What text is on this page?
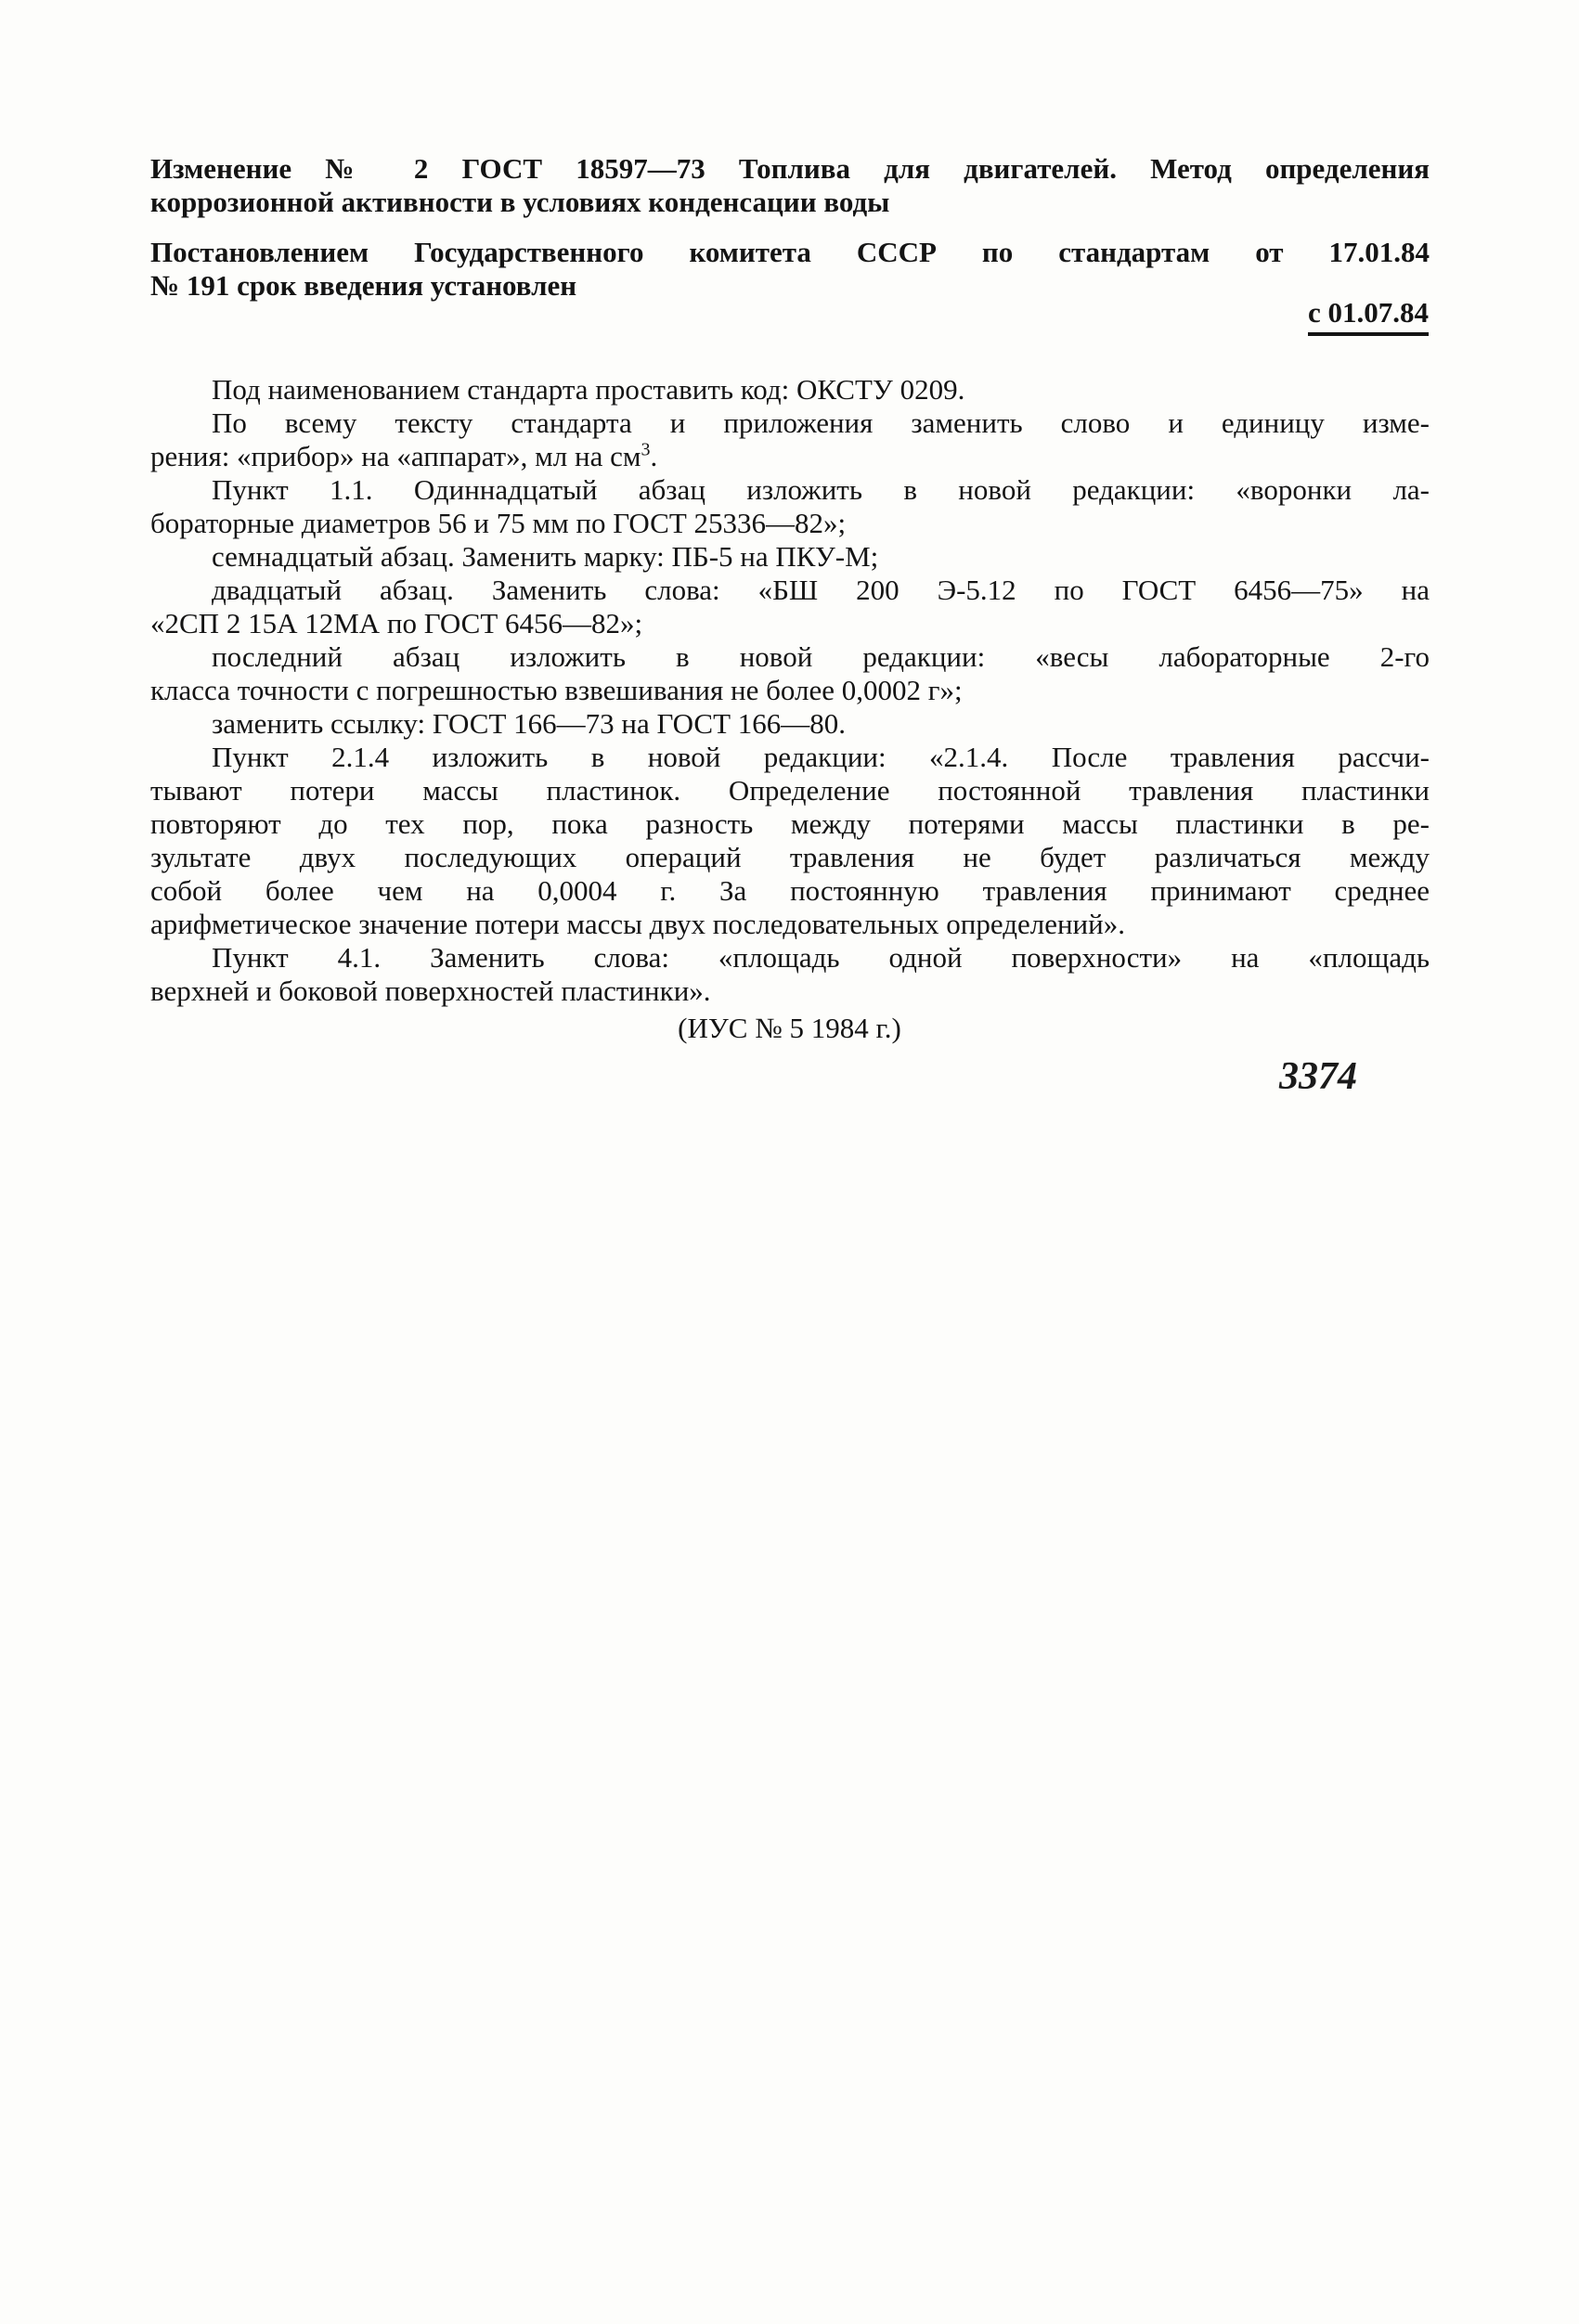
Изменение № 2 ГОСТ 18597—73 Топлива для двигателей. Метод определения
коррозионной активности в условиях конденсации воды
Постановлением Государственного комитета СССР по стандартам от 17.01.84
№ 191 срок введения установлен
с 01.07.84
Под наименованием стандарта проставить код: ОКСТУ 0209.
По всему тексту стандарта и приложения заменить слово и единицу изме-
рения: «прибор» на «аппарат», мл на $см^3$.
Пункт 1.1. Одиннадцатый абзац изложить в новой редакции: «воронки ла-
бораторные диаметров 56 и 75 мм по ГОСТ 25336—82»;
семнадцатый абзац. Заменить марку: ПБ-5 на ПКУ-М;
двадцатый абзац. Заменить слова: «БШ 200 Э-5.12 по ГОСТ 6456—75» на
«2СП 2 15А 12МА по ГОСТ 6456—82»;
последний абзац изложить в новой редакции: «весы лабораторные 2-го
класса точности с погрешностью взвешивания не более 0,0002 г»;
заменить ссылку: ГОСТ 166—73 на ГОСТ 166—80.
Пункт 2.1.4 изложить в новой редакции: «2.1.4. После травления рассчи-
тывают потери массы пластинок. Определение постоянной травления пластинки
повторяют до тех пор, пока разность между потерями массы пластинки в ре-
зультате двух последующих операций травления не будет различаться между
собой более чем на 0,0004 г. За постоянную травления принимают среднее
арифметическое значение потери массы двух последовательных определений».
Пункт 4.1. Заменить слова: «площадь одной поверхности» на «площадь
верхней и боковой поверхностей пластинки».
(ИУС № 5 1984 г.)
3374
